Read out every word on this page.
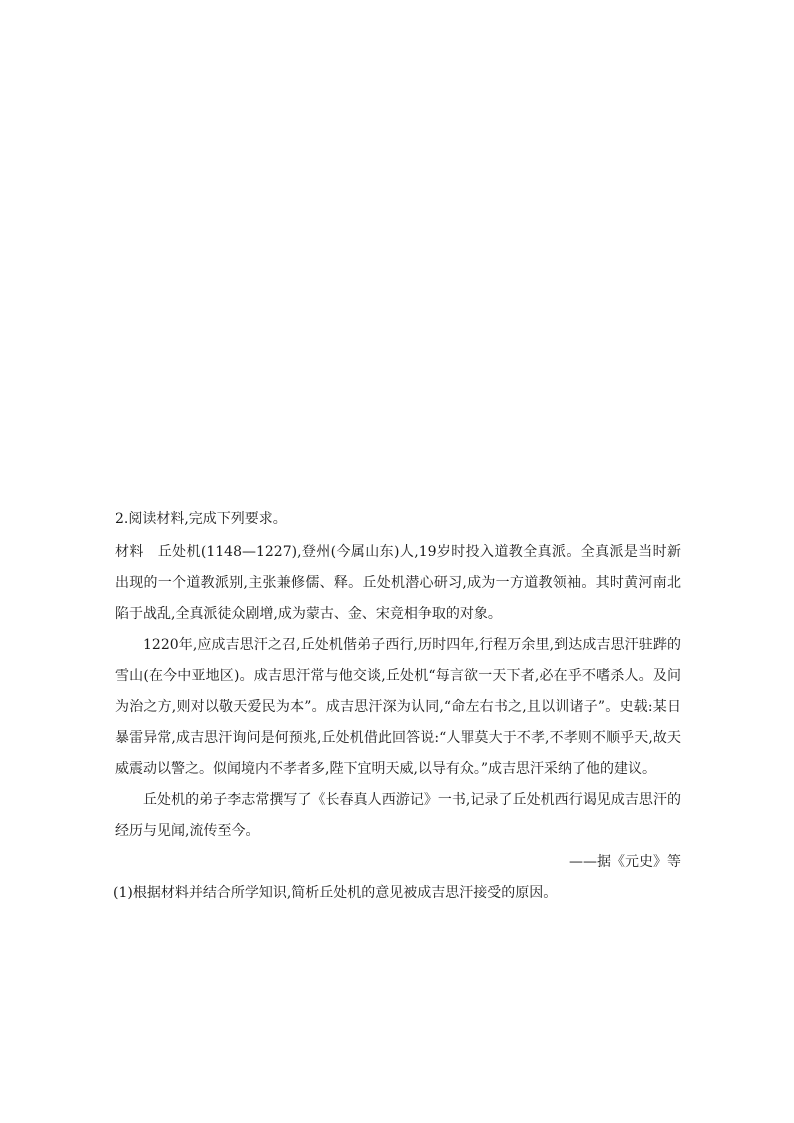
2.阅读材料,完成下列要求。

材料 丘处机(1148—1227),登州(今属山东)人,19岁时投入道教全真派。全真派是当时新出现的一个道教派别,主张兼修儒、释。丘处机潜心研习,成为一方道教领袖。其时黄河南北陷于战乱,全真派徒众剧增,成为蒙古、金、宋竞相争取的对象。

1220年,应成吉思汗之召,丘处机偕弟子西行,历时四年,行程万余里,到达成吉思汗驻跸的雪山(在今中亚地区)。成吉思汗常与他交谈,丘处机“每言欲一天下者,必在乎不嗜杀人。及问为治之方,则对以敬天爱民为本”。成吉思汗深为认同,“命左右书之,且以训诸子”。史载:某日暴雷异常,成吉思汗询问是何预兆,丘处机借此回答说:“人罪莫大于不孝,不孝则不顺乎天,故天威震动以警之。似闻境内不孝者多,陛下宜明天威,以导有众。”成吉思汗采纳了他的建议。

丘处机的弟子李志常撰写了《长春真人西游记》一书,记录了丘处机西行谒见成吉思汗的经历与见闻,流传至今。

——据《元史》等

(1)根据材料并结合所学知识,简析丘处机的意见被成吉思汗接受的原因。
